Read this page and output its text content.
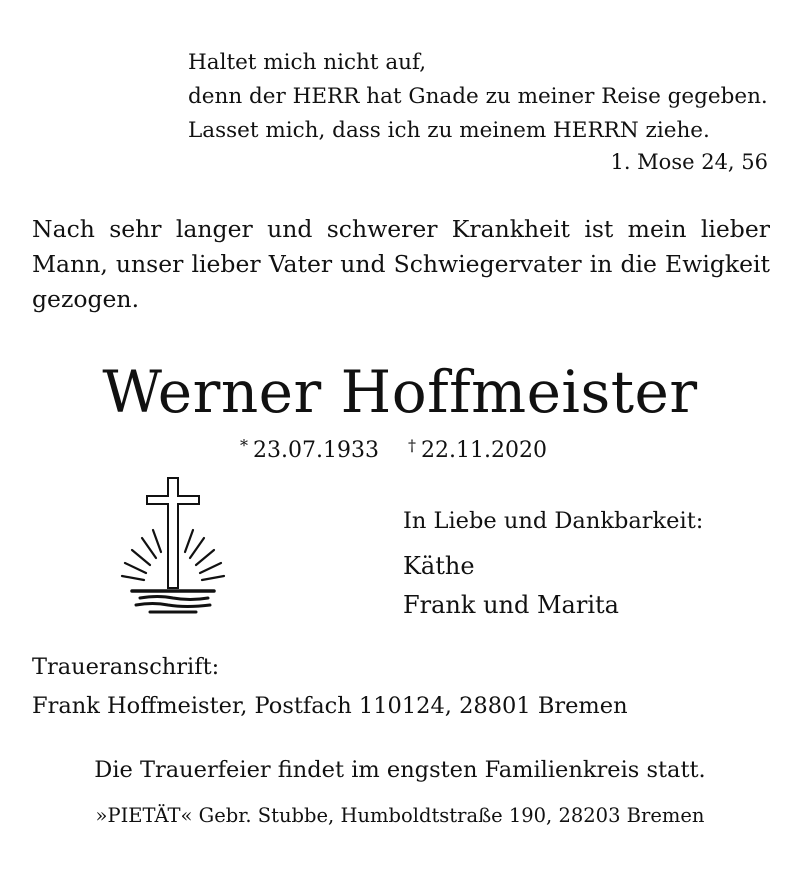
Haltet mich nicht auf,
denn der HERR hat Gnade zu meiner Reise gegeben.
Lasset mich, dass ich zu meinem HERRN ziehe.
1. Mose 24, 56
Nach sehr langer und schwerer Krankheit ist mein lieber Mann, unser lieber Vater und Schwiegervater in die Ewigkeit gezogen.
Werner Hoffmeister
* 23.07.1933 † 22.11.2020
In Liebe und Dankbarkeit:
Käthe
Frank und Marita
Traueranschrift:
Frank Hoffmeister, Postfach 110124, 28801 Bremen
Die Trauerfeier findet im engsten Familienkreis statt.
»PIETÄT« Gebr. Stubbe, Humboldtstraße 190, 28203 Bremen
